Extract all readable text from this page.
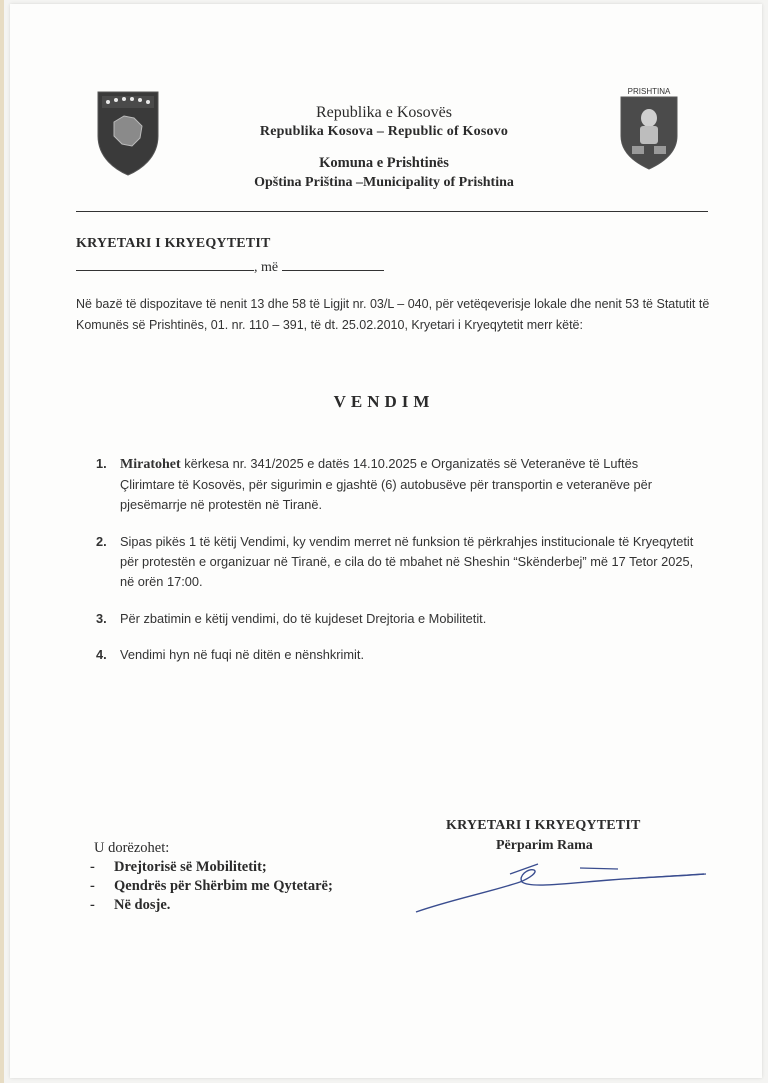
Republika e Kosovës
Republika Kosova – Republic of Kosovo
Komuna e Prishtinës
Opština Priština –Municipality of Prishtina
PRISHTINA
KRYETARI I KRYEQYTETIT
, më
Në bazë të dispozitave të nenit 13 dhe 58 të Ligjit nr. 03/L – 040, për vetëqeverisje lokale dhe nenit 53 të Statutit të Komunës së Prishtinës, 01. nr. 110 – 391, të dt. 25.02.2010, Kryetari i Kryeqytetit merr këtë:
VENDIM
1. Miratohet kërkesa nr. 341/2025 e datës 14.10.2025 e Organizatës së Veteranëve të Luftës Çlirimtare të Kosovës, për sigurimin e gjashtë (6) autobusëve për transportin e veteranëve për pjesëmarrje në protestën në Tiranë.
2. Sipas pikës 1 të këtij Vendimi, ky vendim merret në funksion të përkrahjes institucionale të Kryeqytetit për protestën e organizuar në Tiranë, e cila do të mbahet në Sheshin “Skënderbej” më 17 Tetor 2025, në orën 17:00.
3. Për zbatimin e këtij vendimi, do të kujdeset Drejtoria e Mobilitetit.
4. Vendimi hyn në fuqi në ditën e nënshkrimit.
KRYETARI I KRYEQYTETIT
Përparim Rama
U dorëzohet:
- Drejtorisë së Mobilitetit;
- Qendrës për Shërbim me Qytetarë;
- Në dosje.
